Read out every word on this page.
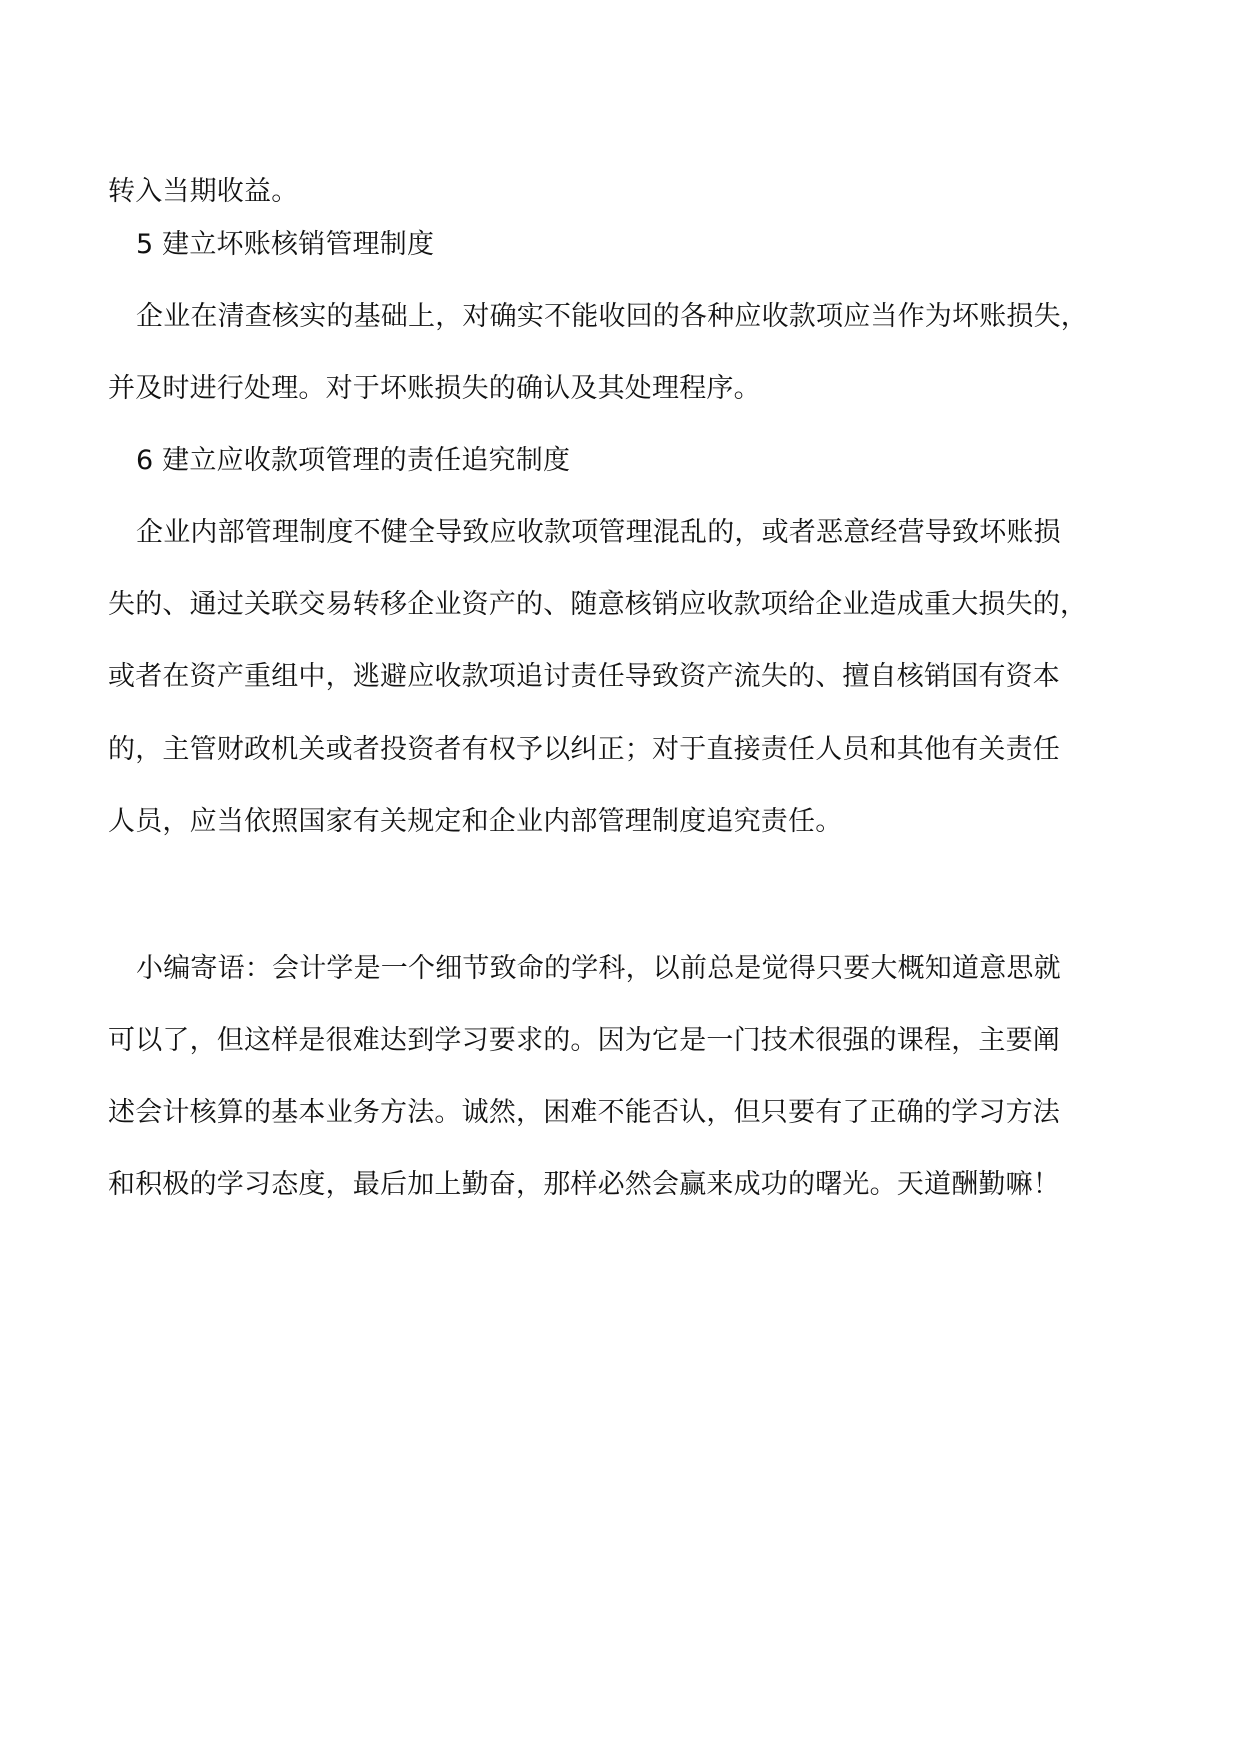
转入当期收益。
5 建立坏账核销管理制度
企业在清查核实的基础上，对确实不能收回的各种应收款项应当作为坏账损失，
并及时进行处理。对于坏账损失的确认及其处理程序。
6 建立应收款项管理的责任追究制度
企业内部管理制度不健全导致应收款项管理混乱的，或者恶意经营导致坏账损
失的、通过关联交易转移企业资产的、随意核销应收款项给企业造成重大损失的，
或者在资产重组中，逃避应收款项追讨责任导致资产流失的、擅自核销国有资本
的，主管财政机关或者投资者有权予以纠正；对于直接责任人员和其他有关责任
人员，应当依照国家有关规定和企业内部管理制度追究责任。
小编寄语：会计学是一个细节致命的学科，以前总是觉得只要大概知道意思就
可以了，但这样是很难达到学习要求的。因为它是一门技术很强的课程，主要阐
述会计核算的基本业务方法。诚然，困难不能否认，但只要有了正确的学习方法
和积极的学习态度，最后加上勤奋，那样必然会赢来成功的曙光。天道酬勤嘛！
